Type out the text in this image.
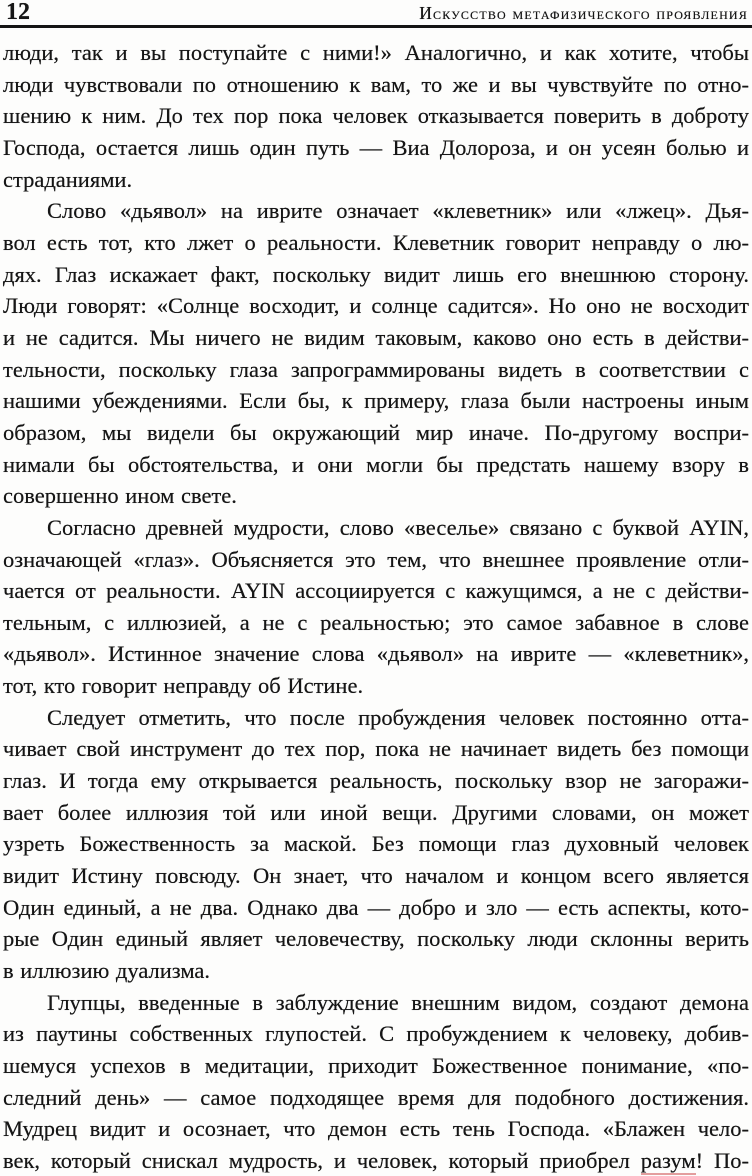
12	Искусство метафизического проявления
люди, так и вы поступайте с ними!» Аналогично, и как хотите, чтобы
люди чувствовали по отношению к вам, то же и вы чувствуйте по отно-
шению к ним. До тех пор пока человек отказывается поверить в доброту
Господа, остается лишь один путь — Виа Долороза, и он усеян болью и
страданиями.
Слово «дьявол» на иврите означает «клеветник» или «лжец». Дья-
вол есть тот, кто лжет о реальности. Клеветник говорит неправду о лю-
дях. Глаз искажает факт, поскольку видит лишь его внешнюю сторону.
Люди говорят: «Солнце восходит, и солнце садится». Но оно не восходит
и не садится. Мы ничего не видим таковым, каково оно есть в действи-
тельности, поскольку глаза запрограммированы видеть в соответствии с
нашими убеждениями. Если бы, к примеру, глаза были настроены иным
образом, мы видели бы окружающий мир иначе. По-другому воспри-
нимали бы обстоятельства, и они могли бы предстать нашему взору в
совершенно ином свете.
Согласно древней мудрости, слово «веселье» связано с буквой AYIN,
означающей «глаз». Объясняется это тем, что внешнее проявление отли-
чается от реальности. AYIN ассоциируется с кажущимся, а не с действи-
тельным, с иллюзией, а не с реальностью; это самое забавное в слове
«дьявол». Истинное значение слова «дьявол» на иврите — «клеветник»,
тот, кто говорит неправду об Истине.
Следует отметить, что после пробуждения человек постоянно отта-
чивает свой инструмент до тех пор, пока не начинает видеть без помощи
глаз. И тогда ему открывается реальность, поскольку взор не загоражи-
вает более иллюзия той или иной вещи. Другими словами, он может
узреть Божественность за маской. Без помощи глаз духовный человек
видит Истину повсюду. Он знает, что началом и концом всего является
Один единый, а не два. Однако два — добро и зло — есть аспекты, кото-
рые Один единый являет человечеству, поскольку люди склонны верить
в иллюзию дуализма.
Глупцы, введенные в заблуждение внешним видом, создают демона
из паутины собственных глупостей. С пробуждением к человеку, добив-
шемуся успехов в медитации, приходит Божественное понимание, «по-
следний день» — самое подходящее время для подобного достижения.
Мудрец видит и осознает, что демон есть тень Господа. «Блажен чело-
век, который снискал мудрость, и человек, который приобрел разум! По-
